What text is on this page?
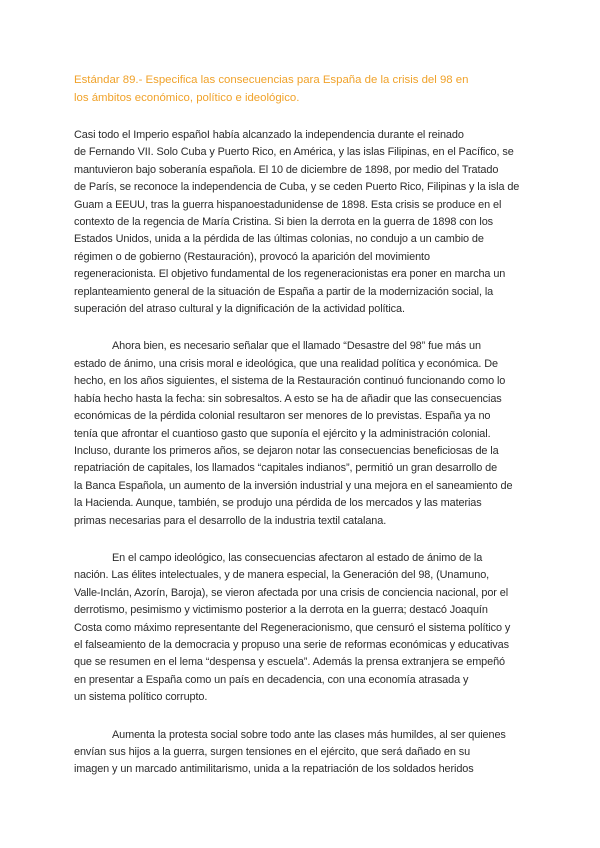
Estándar 89.- Especifica las consecuencias para España de la crisis del 98 en
los ámbitos económico, político e ideológico.
Casi todo el Imperio españoI había alcanzado la independencia durante el reinado
de Fernando VII. Solo Cuba y Puerto Rico, en América, y las islas Filipinas, en el Pacífico, se
mantuvieron bajo soberanía española. El 10 de diciembre de 1898, por medio del Tratado
de París, se reconoce la independencia de Cuba, y se ceden Puerto Rico, Filipinas y la isla de
Guam a EEUU, tras la guerra hispanoestadunidense de 1898. Esta crisis se produce en el
contexto de la regencia de María Cristina. Si bien la derrota en la guerra de 1898 con los
Estados Unidos, unida a la pérdida de las últimas colonias, no condujo a un cambio de
régimen o de gobierno (Restauración), provocó la aparición del movimiento
regeneracionista. El objetivo fundamental de los regeneracionistas era poner en marcha un
replanteamiento general de la situación de España a partir de la modernización social, la
superación del atraso cultural y la dignificación de la actividad política.
Ahora bien, es necesario señalar que el llamado “Desastre del 98” fue más un
estado de ánimo, una crisis moral e ideológica, que una realidad política y económica. De
hecho, en los años siguientes, el sistema de la Restauración continuó funcionando como lo
había hecho hasta la fecha: sin sobresaltos. A esto se ha de añadir que las consecuencias
económicas de la pérdida colonial resultaron ser menores de lo previstas. España ya no
tenía que afrontar el cuantioso gasto que suponía el ejército y la administración colonial.
Incluso, durante los primeros años, se dejaron notar las consecuencias beneficiosas de la
repatriación de capitales, los llamados “capitales indianos”, permitió un gran desarrollo de
la Banca Española, un aumento de la inversión industrial y una mejora en el saneamiento de
la Hacienda. Aunque, también, se produjo una pérdida de los mercados y las materias
primas necesarias para el desarrollo de la industria textil catalana.
En el campo ideológico, las consecuencias afectaron al estado de ánimo de la
nación. Las élites intelectuales, y de manera especial, la Generación del 98, (Unamuno,
Valle-Inclán, Azorín, Baroja), se vieron afectada por una crisis de conciencia nacional, por el
derrotismo, pesimismo y victimismo posterior a la derrota en la guerra; destacó Joaquín
Costa como máximo representante del Regeneracionismo, que censuró el sistema político y
el falseamiento de la democracia y propuso una serie de reformas económicas y educativas
que se resumen en el lema “despensa y escuela”. Además la prensa extranjera se empeñó
en presentar a España como un país en decadencia, con una economía atrasada y
un sistema político corrupto.
Aumenta la protesta social sobre todo ante las clases más humildes, al ser quienes
envían sus hijos a la guerra, surgen tensiones en el ejército, que será dañado en su
imagen y un marcado antimilitarismo, unida a la repatriación de los soldados heridos
